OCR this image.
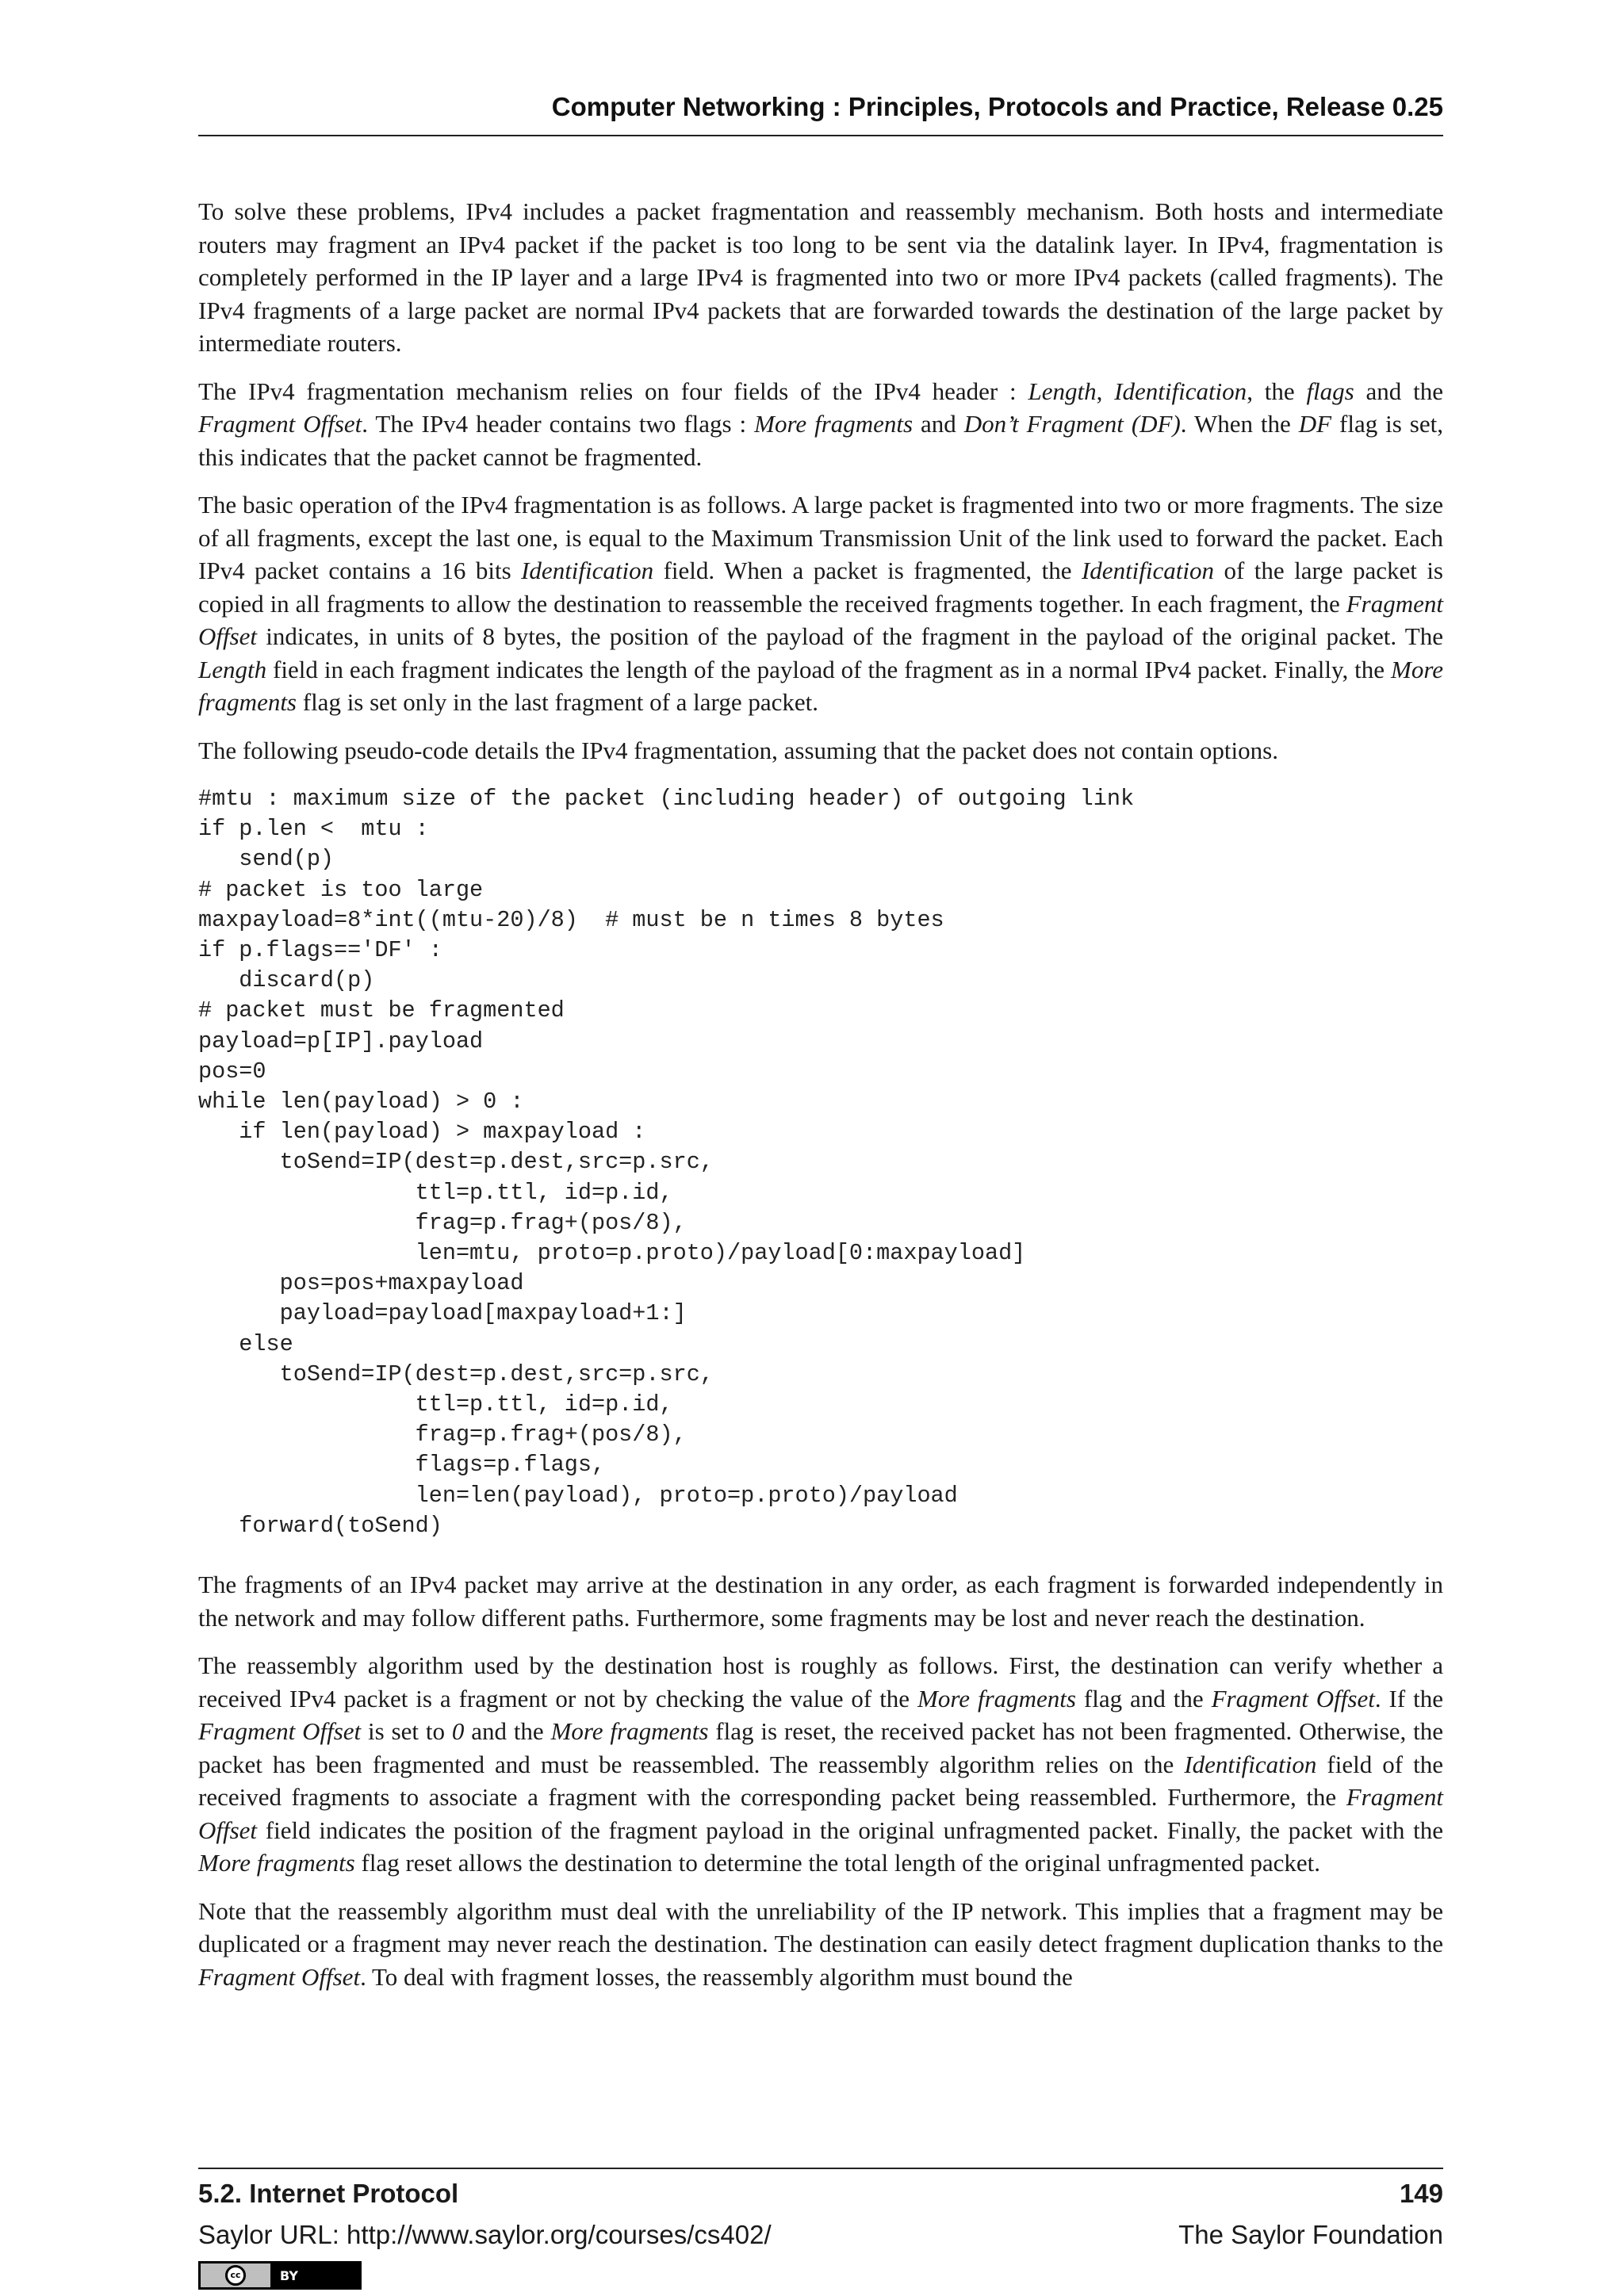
Computer Networking : Principles, Protocols and Practice, Release 0.25

To solve these problems, IPv4 includes a packet fragmentation and reassembly mechanism. Both hosts and intermediate routers may fragment an IPv4 packet if the packet is too long to be sent via the datalink layer. In IPv4, fragmentation is completely performed in the IP layer and a large IPv4 is fragmented into two or more IPv4 packets (called fragments). The IPv4 fragments of a large packet are normal IPv4 packets that are forwarded towards the destination of the large packet by intermediate routers.

The IPv4 fragmentation mechanism relies on four fields of the IPv4 header : Length, Identification, the flags and the Fragment Offset. The IPv4 header contains two flags : More fragments and Don’t Fragment (DF). When the DF flag is set, this indicates that the packet cannot be fragmented.

The basic operation of the IPv4 fragmentation is as follows. A large packet is fragmented into two or more fragments. The size of all fragments, except the last one, is equal to the Maximum Transmission Unit of the link used to forward the packet. Each IPv4 packet contains a 16 bits Identification field. When a packet is fragmented, the Identification of the large packet is copied in all fragments to allow the destination to reassemble the received fragments together. In each fragment, the Fragment Offset indicates, in units of 8 bytes, the position of the payload of the fragment in the payload of the original packet. The Length field in each fragment indicates the length of the payload of the fragment as in a normal IPv4 packet. Finally, the More fragments flag is set only in the last fragment of a large packet.

The following pseudo-code details the IPv4 fragmentation, assuming that the packet does not contain options.

#mtu : maximum size of the packet (including header) of outgoing link
if p.len <  mtu :
send(p)
# packet is too large
maxpayload=8*int((mtu-20)/8)  # must be n times 8 bytes
if p.flags=='DF' :
discard(p)
# packet must be fragmented
payload=p[IP].payload
pos=0
while len(payload) > 0 :
if len(payload) > maxpayload :
toSend=IP(dest=p.dest,src=p.src,
ttl=p.ttl, id=p.id,
frag=p.frag+(pos/8),
len=mtu, proto=p.proto)/payload[0:maxpayload]
pos=pos+maxpayload
payload=payload[maxpayload+1:]
else
toSend=IP(dest=p.dest,src=p.src,
ttl=p.ttl, id=p.id,
frag=p.frag+(pos/8),
flags=p.flags,
len=len(payload), proto=p.proto)/payload
forward(toSend)

The fragments of an IPv4 packet may arrive at the destination in any order, as each fragment is forwarded independently in the network and may follow different paths. Furthermore, some fragments may be lost and never reach the destination.

The reassembly algorithm used by the destination host is roughly as follows. First, the destination can verify whether a received IPv4 packet is a fragment or not by checking the value of the More fragments flag and the Fragment Offset. If the Fragment Offset is set to 0 and the More fragments flag is reset, the received packet has not been fragmented. Otherwise, the packet has been fragmented and must be reassembled. The reassembly algorithm relies on the Identification field of the received fragments to associate a fragment with the corresponding packet being reassembled. Furthermore, the Fragment Offset field indicates the position of the fragment payload in the original unfragmented packet. Finally, the packet with the More fragments flag reset allows the destination to determine the total length of the original unfragmented packet.

Note that the reassembly algorithm must deal with the unreliability of the IP network. This implies that a fragment may be duplicated or a fragment may never reach the destination. The destination can easily detect fragment duplication thanks to the Fragment Offset. To deal with fragment losses, the reassembly algorithm must bound the

5.2. Internet Protocol	149
Saylor URL: http://www.saylor.org/courses/cs402/	The Saylor Foundation
cc	BY
